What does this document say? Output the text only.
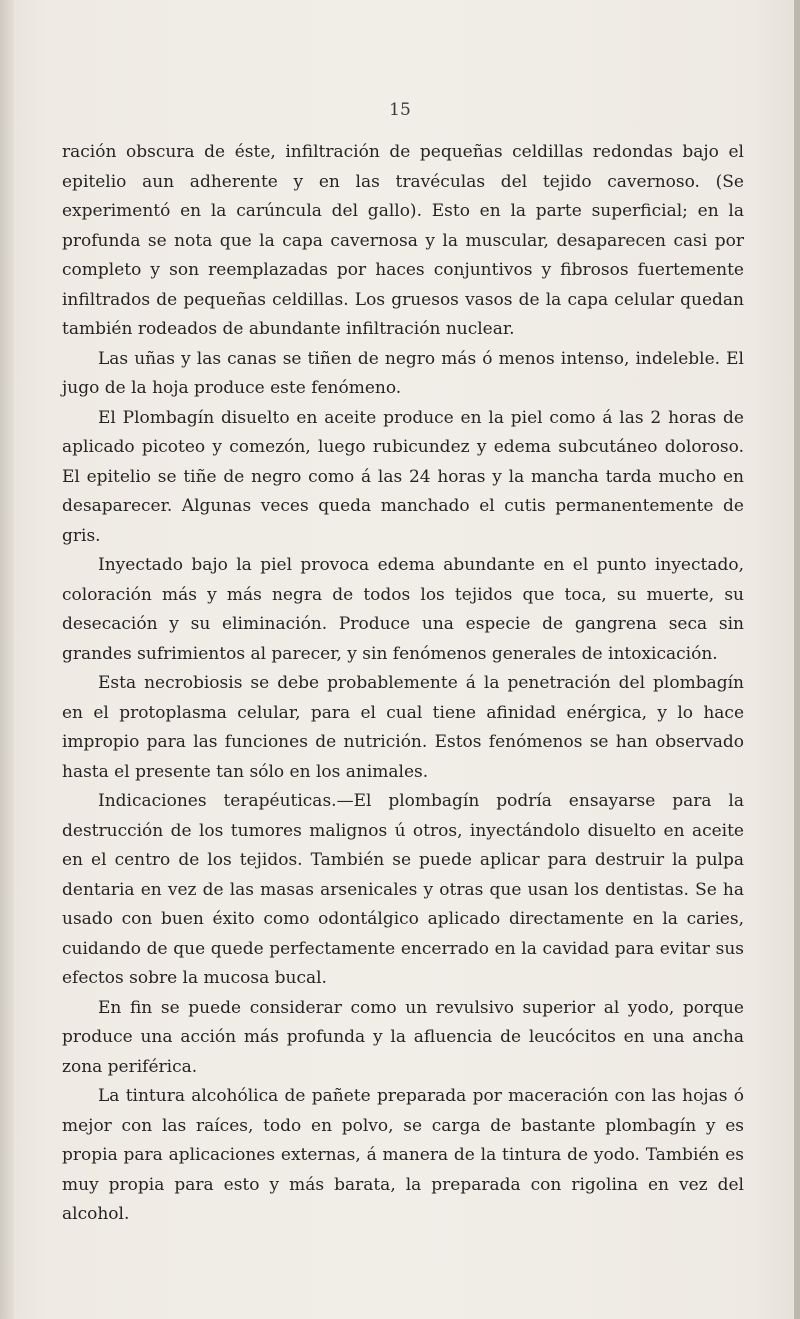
15

ración obscura de éste, infiltración de pequeñas celdillas redondas bajo el epitelio aun adherente y en las travéculas del tejido cavernoso. (Se experimentó en la carúncula del gallo). Esto en la parte superficial; en la profunda se nota que la capa cavernosa y la muscular, desaparecen casi por completo y son reemplazadas por haces conjuntivos y fibrosos fuertemente infiltrados de pequeñas celdillas. Los gruesos vasos de la capa celular quedan también rodeados de abundante infiltración nuclear.

Las uñas y las canas se tiñen de negro más ó menos intenso, indeleble. El jugo de la hoja produce este fenómeno.

El Plombagín disuelto en aceite produce en la piel como á las 2 horas de aplicado picoteo y comezón, luego rubicundez y edema subcutáneo doloroso. El epitelio se tiñe de negro como á las 24 horas y la mancha tarda mucho en desaparecer. Algunas veces queda manchado el cutis permanentemente de gris.

Inyectado bajo la piel provoca edema abundante en el punto inyectado, coloración más y más negra de todos los tejidos que toca, su muerte, su desecación y su eliminación. Produce una especie de gangrena seca sin grandes sufrimientos al parecer, y sin fenómenos generales de intoxicación.

Esta necrobiosis se debe probablemente á la penetración del plombagín en el protoplasma celular, para el cual tiene afinidad enérgica, y lo hace impropio para las funciones de nutrición. Estos fenómenos se han observado hasta el presente tan sólo en los animales.

Indicaciones terapéuticas.—El plombagín podría ensayarse para la destrucción de los tumores malignos ú otros, inyectándolo disuelto en aceite en el centro de los tejidos. También se puede aplicar para destruir la pulpa dentaria en vez de las masas arsenicales y otras que usan los dentistas. Se ha usado con buen éxito como odontálgico aplicado directamente en la caries, cuidando de que quede perfectamente encerrado en la cavidad para evitar sus efectos sobre la mucosa bucal.

En fin se puede considerar como un revulsivo superior al yodo, porque produce una acción más profunda y la afluencia de leucócitos en una ancha zona periférica.

La tintura alcohólica de pañete preparada por maceración con las hojas ó mejor con las raíces, todo en polvo, se carga de bastante plombagín y es propia para aplicaciones externas, á manera de la tintura de yodo. También es muy propia para esto y más barata, la preparada con rigolina en vez del alcohol.
